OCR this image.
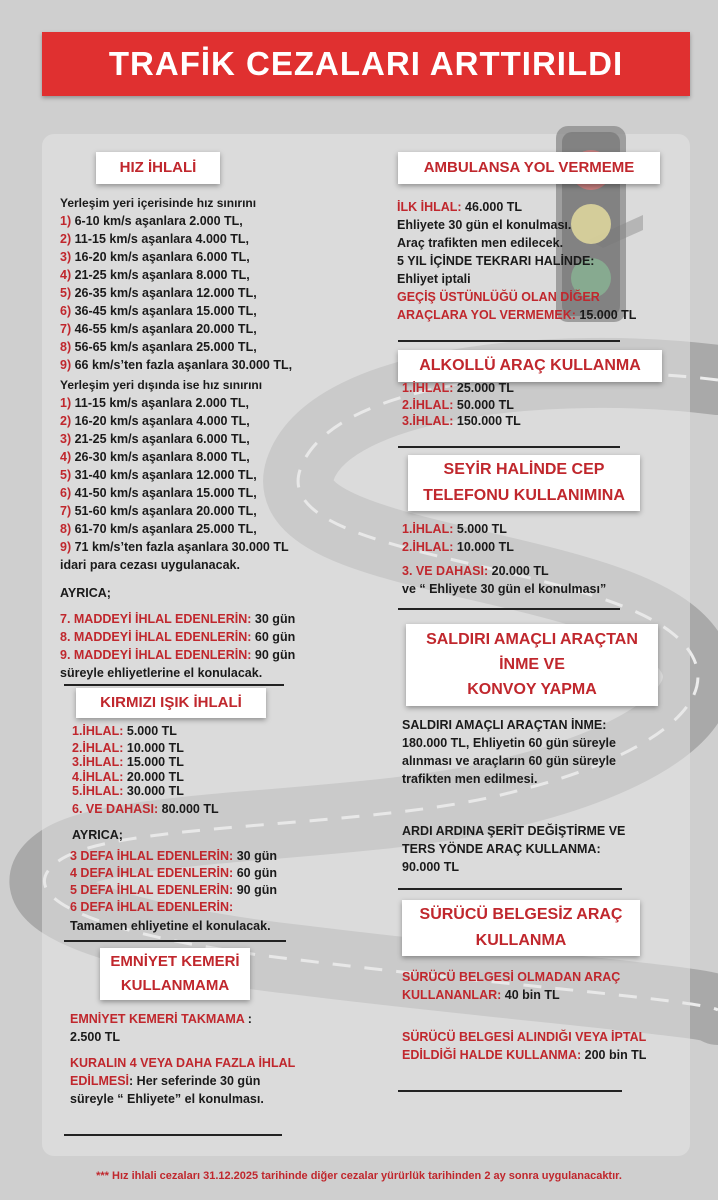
TRAFİK CEZALARI ARTTIRILDI
HIZ İHLALİ
Yerleşim yeri içerisinde hız sınırını
1) 6-10 km/s aşanlara 2.000 TL,
2) 11-15 km/s aşanlara 4.000 TL,
3) 16-20 km/s aşanlara 6.000 TL,
4) 21-25 km/s aşanlara 8.000 TL,
5) 26-35 km/s aşanlara 12.000 TL,
6) 36-45 km/s aşanlara 15.000 TL,
7) 46-55 km/s aşanlara 20.000 TL,
8) 56-65 km/s aşanlara 25.000 TL,
9) 66 km/s’ten fazla aşanlara 30.000 TL,
Yerleşim yeri dışında ise hız sınırını
1) 11-15 km/s aşanlara 2.000 TL,
2) 16-20 km/s aşanlara 4.000 TL,
3) 21-25 km/s aşanlara 6.000 TL,
4) 26-30 km/s aşanlara 8.000 TL,
5) 31-40 km/s aşanlara 12.000 TL,
6) 41-50 km/s aşanlara 15.000 TL,
7) 51-60 km/s aşanlara 20.000 TL,
8) 61-70 km/s aşanlara 25.000 TL,
9) 71 km/s’ten fazla aşanlara 30.000 TL
idari para cezası uygulanacak.
AYRICA;
7. MADDEYİ İHLAL EDENLERİN: 30 gün
8. MADDEYİ İHLAL EDENLERİN: 60 gün
9. MADDEYİ İHLAL EDENLERİN: 90 gün
süreyle ehliyetlerine el konulacak.
KIRMIZI IŞIK İHLALİ
1.İHLAL: 5.000 TL
2.İHLAL: 10.000 TL
3.İHLAL: 15.000 TL
4.İHLAL: 20.000 TL
5.İHLAL: 30.000 TL
6. VE DAHASI: 80.000 TL
AYRICA;
3 DEFA İHLAL EDENLERİN: 30 gün
4 DEFA İHLAL EDENLERİN: 60 gün
5 DEFA İHLAL EDENLERİN: 90 gün
6 DEFA İHLAL EDENLERİN:
Tamamen ehliyetine el konulacak.
EMNİYET KEMERİ
KULLANMAMA
EMNİYET KEMERİ TAKMAMA :
2.500 TL
KURALIN 4 VEYA DAHA FAZLA İHLAL EDİLMESİ: Her seferinde 30 gün süreyle “ Ehliyete” el konulması.
AMBULANSA YOL VERMEME
İLK İHLAL: 46.000 TL
Ehliyete 30 gün el konulması.
Araç trafikten men edilecek.
5 YIL İÇİNDE TEKRARI HALİNDE:
Ehliyet iptali
GEÇİŞ ÜSTÜNLÜĞÜ OLAN DİĞER ARAÇLARA YOL VERMEMEK: 15.000 TL
ALKOLLÜ ARAÇ KULLANMA
1.İHLAL: 25.000 TL
2.İHLAL: 50.000 TL
3.İHLAL: 150.000 TL
SEYİR HALİNDE CEP
TELEFONU KULLANIMINA
1.İHLAL: 5.000 TL
2.İHLAL: 10.000 TL
3. VE DAHASI: 20.000 TL
ve “ Ehliyete 30 gün el konulması”
SALDIRI AMAÇLI ARAÇTAN
İNME VE
KONVOY YAPMA
SALDIRI AMAÇLI ARAÇTAN İNME:
180.000 TL, Ehliyetin 60 gün süreyle alınması ve araçların 60 gün süreyle trafikten men edilmesi.
ARDI ARDINA ŞERİT DEĞİŞTİRME VE TERS YÖNDE ARAÇ KULLANMA:
90.000 TL
SÜRÜCÜ BELGESİZ ARAÇ
KULLANMA
SÜRÜCÜ BELGESİ OLMADAN ARAÇ KULLANANLAR: 40 bin TL
SÜRÜCÜ BELGESİ ALINDIĞI VEYA İPTAL EDİLDİĞİ HALDE KULLANMA: 200 bin TL
*** Hız ihlali cezaları 31.12.2025 tarihinde diğer cezalar yürürlük tarihinden 2 ay sonra uygulanacaktır.
